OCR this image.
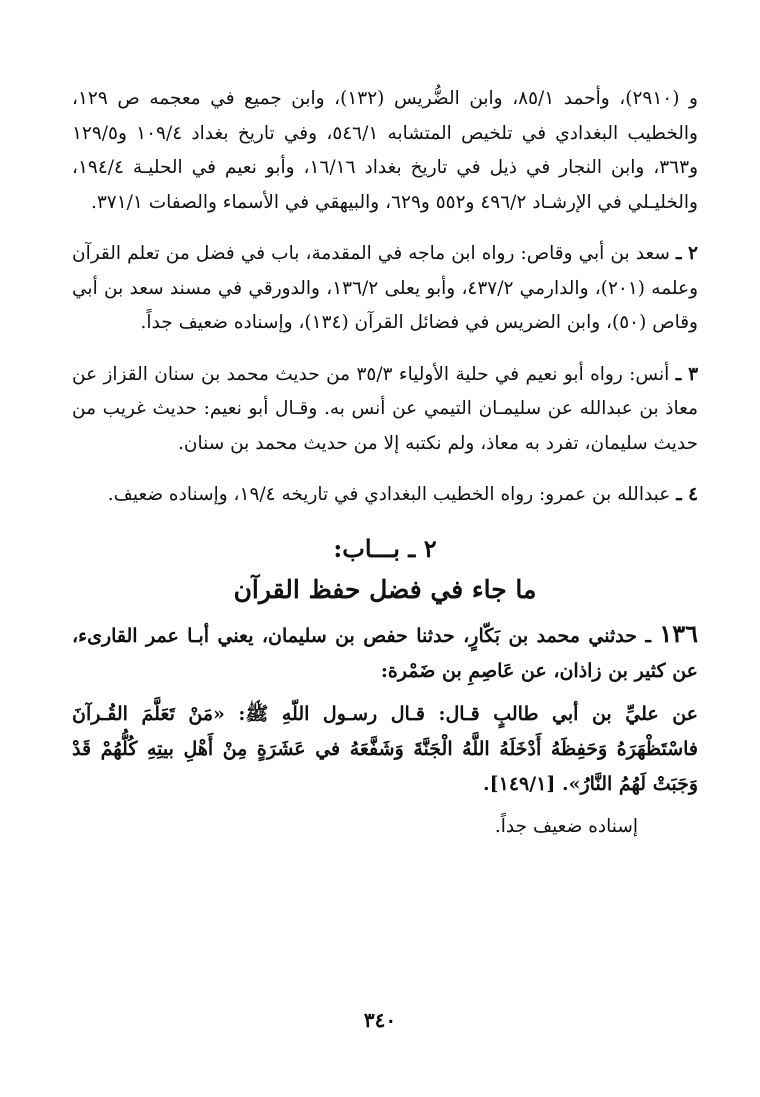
و (٢٩١٠)، وأحمد ٨٥/١، وابن الضُّريس (١٣٢)، وابن جميع في معجمه ص ١٢٩، والخطيب البغدادي في تلخيص المتشابه ٥٤٦/١، وفي تاريخ بغداد ١٠٩/٤ و١٢٩/٥ و٣٦٣، وابن النجار في ذيل في تاريخ بغداد ١٦/١٦، وأبو نعيم في الحليـة ١٩٤/٤، والخليـلي في الإرشـاد ٤٩٦/٢ و٥٥٢ و٦٢٩، والبيهقي في الأسماء والصفات ٣٧١/١.

٢ ـ سعد بن أبي وقاص: رواه ابن ماجه في المقدمة، باب في فضل من تعلم القرآن وعلمه (٢٠١)، والدارمي ٤٣٧/٢، وأبو يعلى ١٣٦/٢، والدورقي في مسند سعد بن أبي وقاص (٥٠)، وابن الضريس في فضائل القرآن (١٣٤)، وإسناده ضعيف جداً.

٣ ـ أنس: رواه أبو نعيم في حلية الأولياء ٣٥/٣ من حديث محمد بن سنان القزاز عن معاذ بن عبدالله عن سليمـان التيمي عن أنس به. وقـال أبو نعيم: حديث غريب من حديث سليمان، تفرد به معاذ، ولم نكتبه إلا من حديث محمد بن سنان.

٤ ـ عبدالله بن عمرو: رواه الخطيب البغدادي في تاريخه ١٩/٤، وإسناده ضعيف.

٢ ـ بـــاب:

ما جاء في فضل حفظ القرآن

١٣٦ ـ حدثني محمد بن بَكّارٍ، حدثنا حفص بن سليمان، يعني أبـا عمر القارىء، عن كثير بن زاذان، عن عَاصِمِ بن ضَمْرة:

عن عليِّ بن أبي طالبٍ قـال: قـال رسـول اللّهِ ﷺ: «مَنْ تَعَلَّمَ القُـرآنَ فاسْتَظْهَرَهُ وَحَفِظَهُ أَدْخَلَهُ اللَّهُ الْجَنَّةَ وَشَفَّعَهُ في عَشَرَةٍ مِنْ أَهْلِ بيتِهِ كُلُّهُمْ قَدْ وَجَبَتْ لَهُمُ النَّارُ». [١٤٩/١].

إسناده ضعيف جداً.

٣٤٠
